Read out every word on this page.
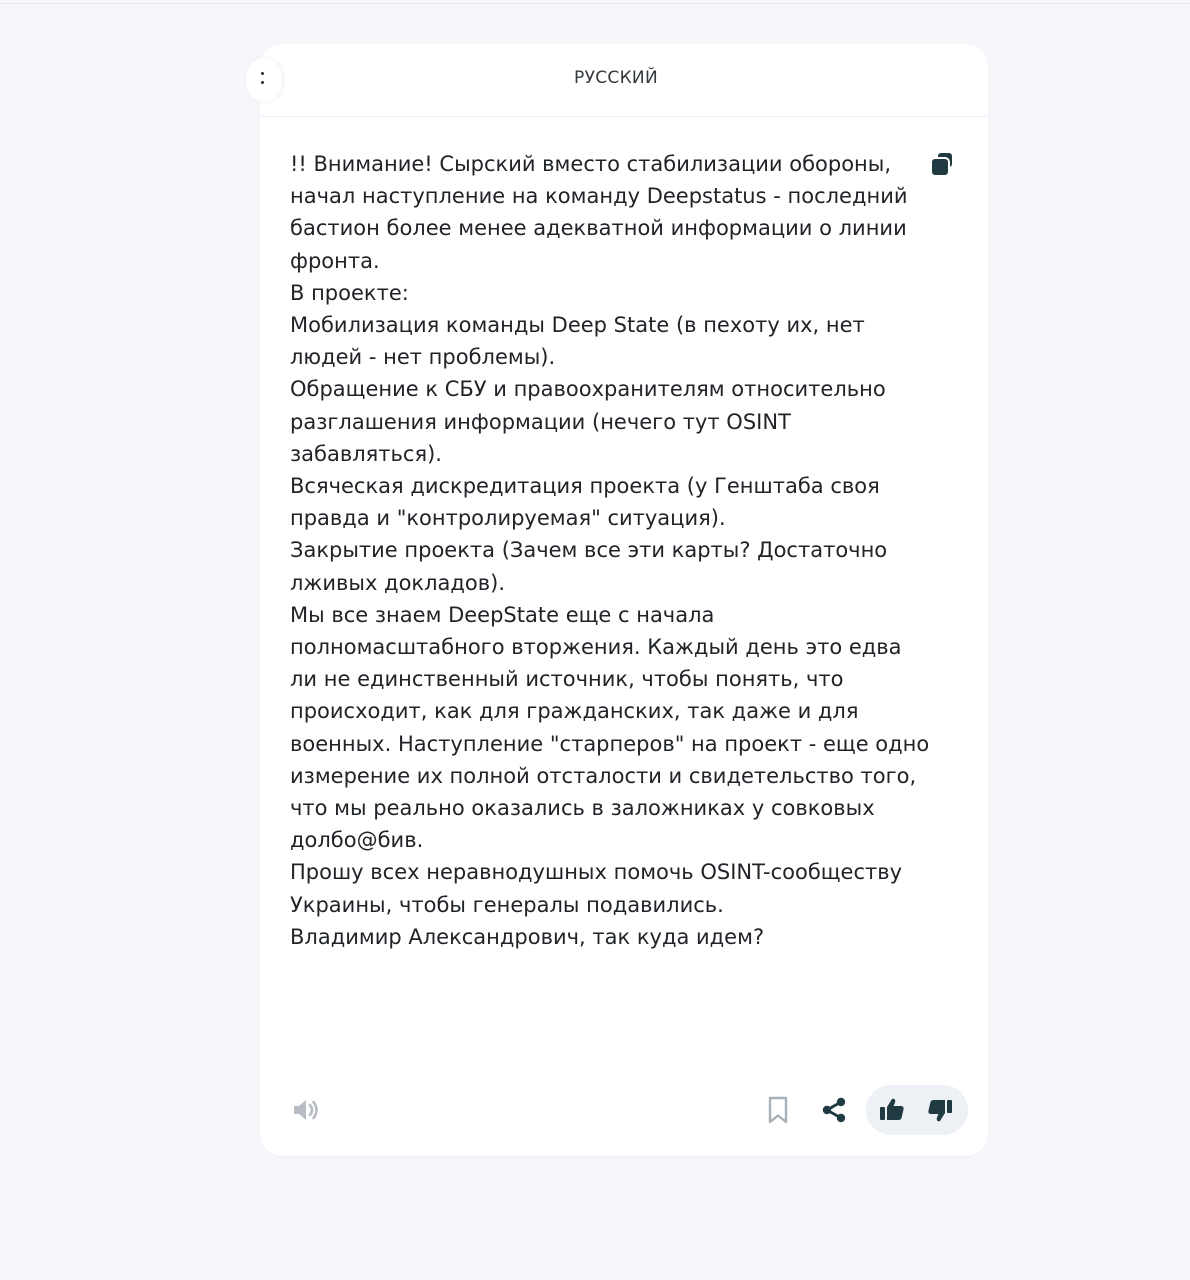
РУССКИЙ
!! Внимание! Сырский вместо стабилизации обороны,
начал наступление на команду Deepstatus - последний
бастион более менее адекватной информации о линии
фронта.
В проекте:
Мобилизация команды Deep State (в пехоту их, нет
людей - нет проблемы).
Обращение к СБУ и правоохранителям относительно
разглашения информации (нечего тут OSINT
забавляться).
Всяческая дискредитация проекта (у Генштаба своя
правда и "контролируемая" ситуация).
Закрытие проекта (Зачем все эти карты? Достаточно
лживых докладов).
Мы все знаем DeepState еще с начала
полномасштабного вторжения. Каждый день это едва
ли не единственный источник, чтобы понять, что
происходит, как для гражданских, так даже и для
военных. Наступление "старперов" на проект - еще одно
измерение их полной отсталости и свидетельство того,
что мы реально оказались в заложниках у совковых
долбо@бив.
Прошу всех неравнодушных помочь OSINT-сообществу
Украины, чтобы генералы подавились.
Владимир Александрович, так куда идем?
